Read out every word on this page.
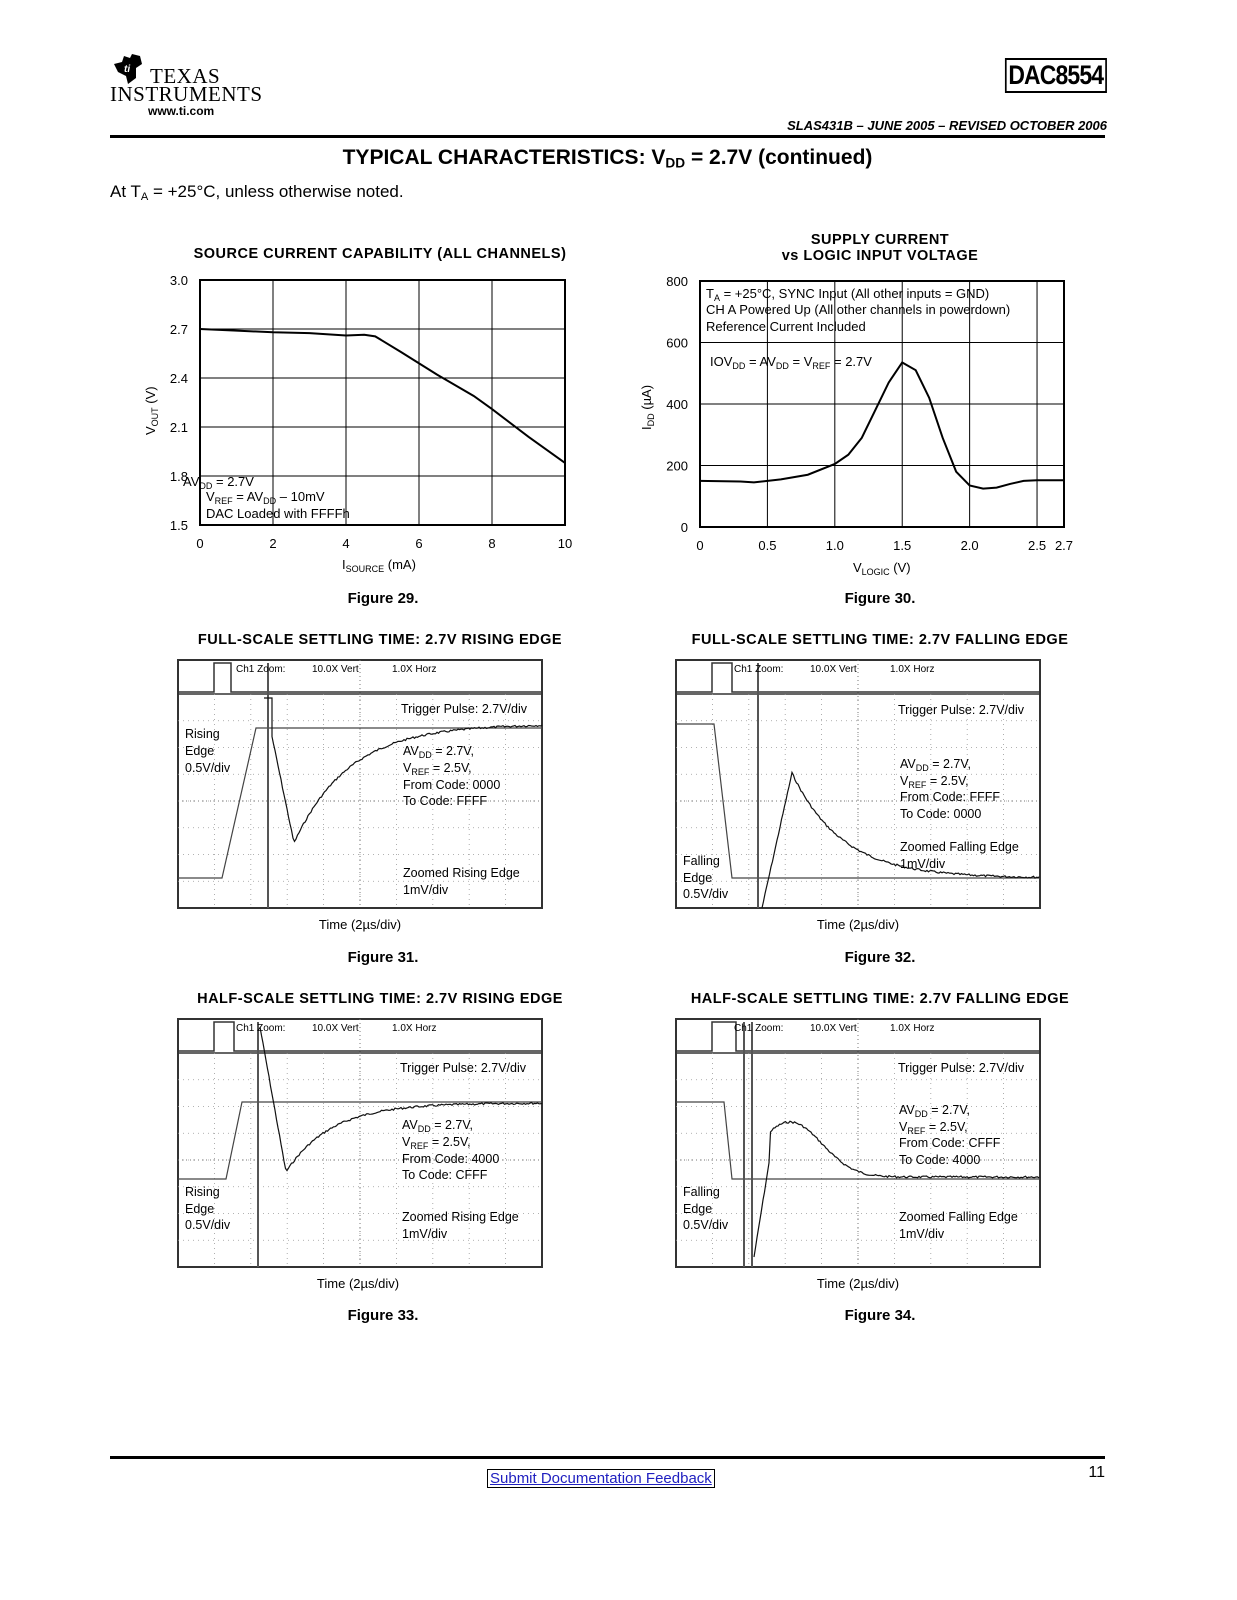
ti TEXAS
INSTRUMENTS
www.ti.com
DAC8554
SLAS431B – JUNE 2005 – REVISED OCTOBER 2006
TYPICAL CHARACTERISTICS: $V_{DD} = 2.7V$ (continued)
At $T_A = +25^\circ C$, unless otherwise noted.
SOURCE CURRENT CAPABILITY (ALL CHANNELS)
0	2	4	6	8	10
1.5
1.8
2.1
2.4
2.7
3.0
$AV_{DD} = 2.7V$
$V_{REF} = AV_{DD} - 10mV$
DAC Loaded with FFFFh
$I_{SOURCE}$ (mA)
$V_{OUT}$ (V)
Figure 29.
SUPPLY CURRENT
vs LOGIC INPUT VOLTAGE
0	0.5	1.0	1.5	2.0	2.5 2.7
0
200
400
600
800
$T_A = +25^\circ C$, SYNC Input (All other inputs = GND)
CH A Powered Up (All other channels in powerdown)
Reference Current Included
$IOV_{DD} = AV_{DD} = V_{REF} = 2.7V$
$V_{LOGIC}$ (V)
$I_{DD}$ (µA)
Figure 30.
FULL-SCALE SETTLING TIME: 2.7V RISING EDGE
Ch1 Zoom:	10.0X Vert	1.0X Horz
Trigger Pulse: 2.7V/div
Rising
Edge
0.5V/div
$AV_{DD} = 2.7V$,
$V_{REF} = 2.5V$,
From Code: 0000
To Code: FFFF
Zoomed Rising Edge
1mV/div
Time (2µs/div)
Figure 31.
FULL-SCALE SETTLING TIME: 2.7V FALLING EDGE
Ch1 Zoom:	10.0X Vert	1.0X Horz
Trigger Pulse: 2.7V/div
$AV_{DD} = 2.7V$,
$V_{REF} = 2.5V$,
From Code: FFFF
To Code: 0000
Zoomed Falling Edge
1mV/div
Falling
Edge
0.5V/div
Time (2µs/div)
Figure 32.
HALF-SCALE SETTLING TIME: 2.7V RISING EDGE
Ch1 Zoom:	10.0X Vert	1.0X Horz
Trigger Pulse: 2.7V/div
$AV_{DD} = 2.7V$,
$V_{REF} = 2.5V$,
From Code: 4000
To Code: CFFF
Rising
Edge
0.5V/div
Zoomed Rising Edge
1mV/div
Time (2µs/div)
Figure 33.
HALF-SCALE SETTLING TIME: 2.7V FALLING EDGE
Ch1 Zoom:	10.0X Vert	1.0X Horz
Trigger Pulse: 2.7V/div
$AV_{DD} = 2.7V$,
$V_{REF} = 2.5V$,
From Code: CFFF
To Code: 4000
Falling
Edge
0.5V/div
Zoomed Falling Edge
1mV/div
Time (2µs/div)
Figure 34.
Submit Documentation Feedback	11
